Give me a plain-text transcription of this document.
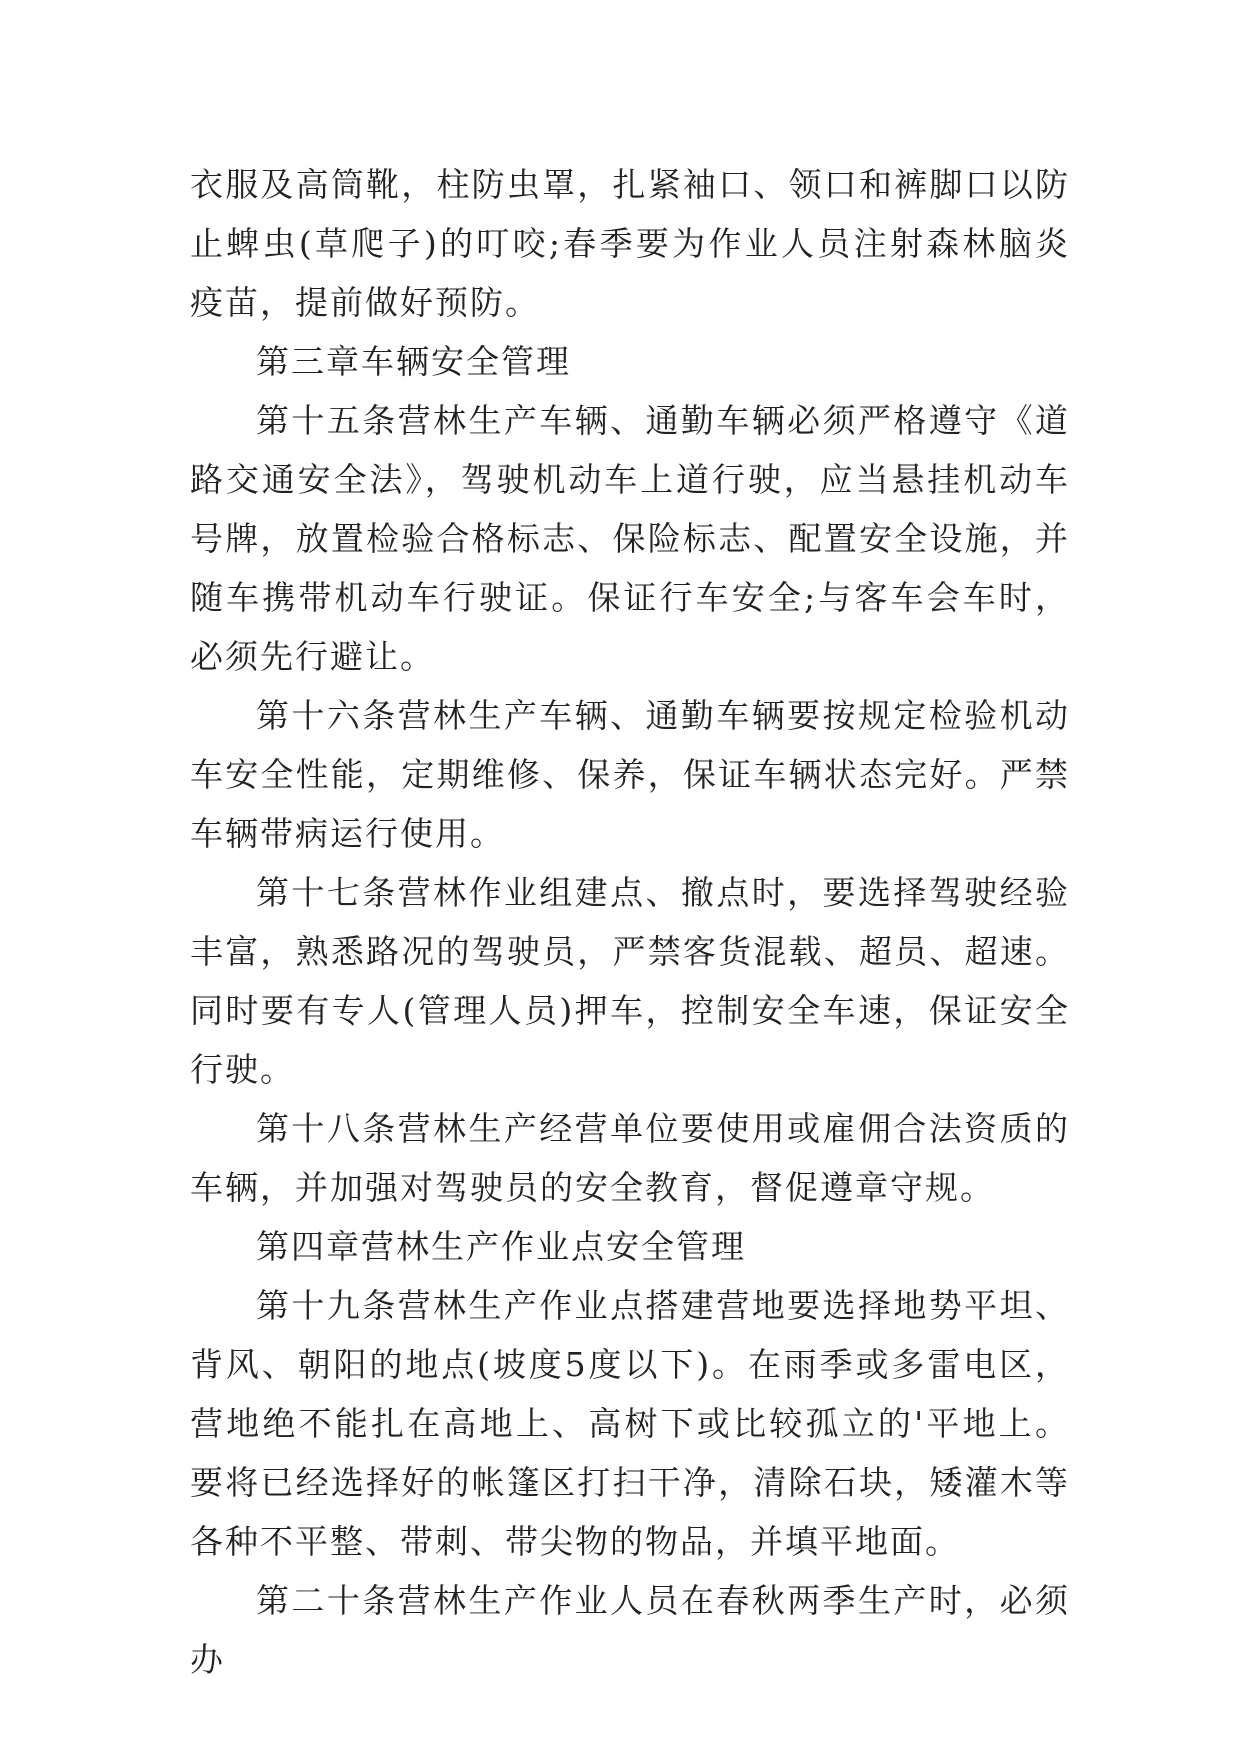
衣服及高筒靴，柱防虫罩，扎紧袖口、领口和裤脚口以防止蜱虫(草爬子)的叮咬;春季要为作业人员注射森林脑炎疫苗，提前做好预防。

第三章车辆安全管理

第十五条营林生产车辆、通勤车辆必须严格遵守《道路交通安全法》，驾驶机动车上道行驶，应当悬挂机动车号牌，放置检验合格标志、保险标志、配置安全设施，并随车携带机动车行驶证。保证行车安全;与客车会车时，必须先行避让。

第十六条营林生产车辆、通勤车辆要按规定检验机动车安全性能，定期维修、保养，保证车辆状态完好。严禁车辆带病运行使用。

第十七条营林作业组建点、撤点时，要选择驾驶经验丰富，熟悉路况的驾驶员，严禁客货混载、超员、超速。同时要有专人(管理人员)押车，控制安全车速，保证安全行驶。

第十八条营林生产经营单位要使用或雇佣合法资质的车辆，并加强对驾驶员的安全教育，督促遵章守规。

第四章营林生产作业点安全管理

第十九条营林生产作业点搭建营地要选择地势平坦、背风、朝阳的地点(坡度5度以下)。在雨季或多雷电区，营地绝不能扎在高地上、高树下或比较孤立的'平地上。要将已经选择好的帐篷区打扫干净，清除石块，矮灌木等各种不平整、带刺、带尖物的物品，并填平地面。

第二十条营林生产作业人员在春秋两季生产时，必须办
